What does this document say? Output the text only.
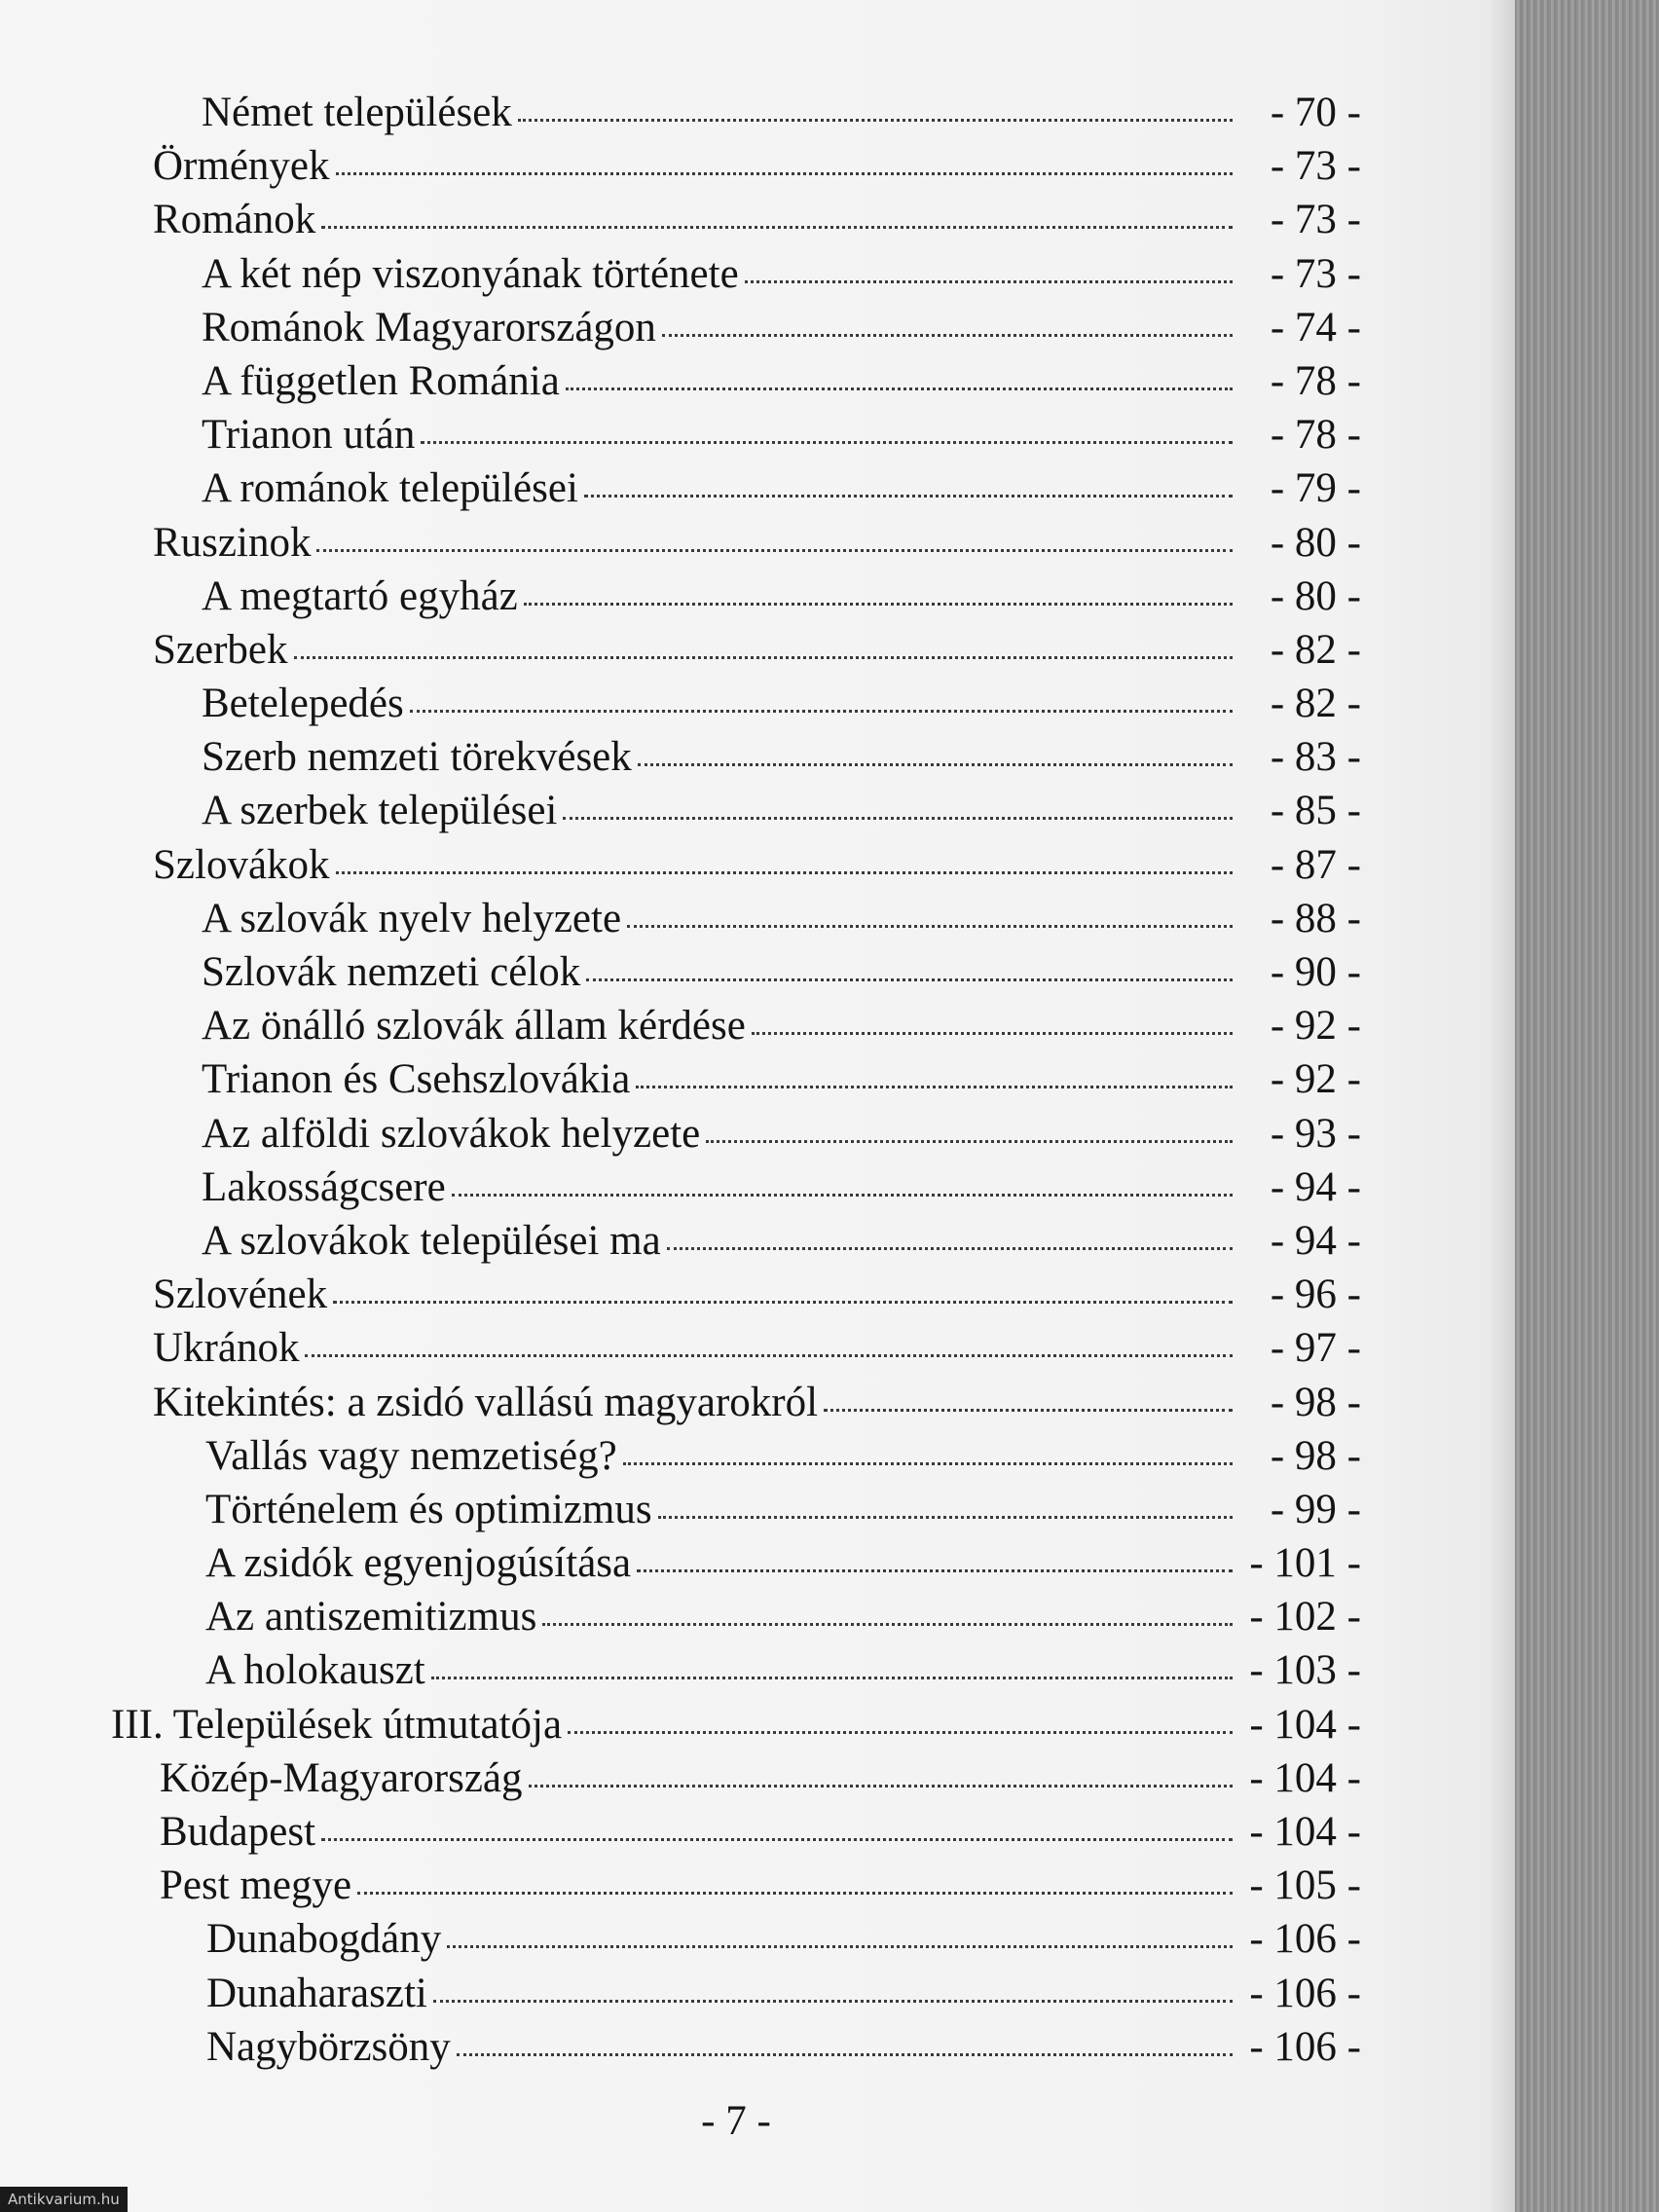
Német települések	- 70 -
Örmények	- 73 -
Románok	- 73 -
A két nép viszonyának története	- 73 -
Románok Magyarországon	- 74 -
A független Románia	- 78 -
Trianon után	- 78 -
A románok települései	- 79 -
Ruszinok	- 80 -
A megtartó egyház	- 80 -
Szerbek	- 82 -
Betelepedés	- 82 -
Szerb nemzeti törekvések	- 83 -
A szerbek települései	- 85 -
Szlovákok	- 87 -
A szlovák nyelv helyzete	- 88 -
Szlovák nemzeti célok	- 90 -
Az önálló szlovák állam kérdése	- 92 -
Trianon és Csehszlovákia	- 92 -
Az alföldi szlovákok helyzete	- 93 -
Lakosságcsere	- 94 -
A szlovákok települései ma	- 94 -
Szlovének	- 96 -
Ukránok	- 97 -
Kitekintés: a zsidó vallású magyarokról	- 98 -
Vallás vagy nemzetiség?	- 98 -
Történelem és optimizmus	- 99 -
A zsidók egyenjogúsítása	- 101 -
Az antiszemitizmus	- 102 -
A holokauszt	- 103 -
III. Települések útmutatója	- 104 -
Közép-Magyarország	- 104 -
Budapest	- 104 -
Pest megye	- 105 -
Dunabogdány	- 106 -
Dunaharaszti	- 106 -
Nagybörzsöny	- 106 -
- 7 -
Antikvarium.hu
